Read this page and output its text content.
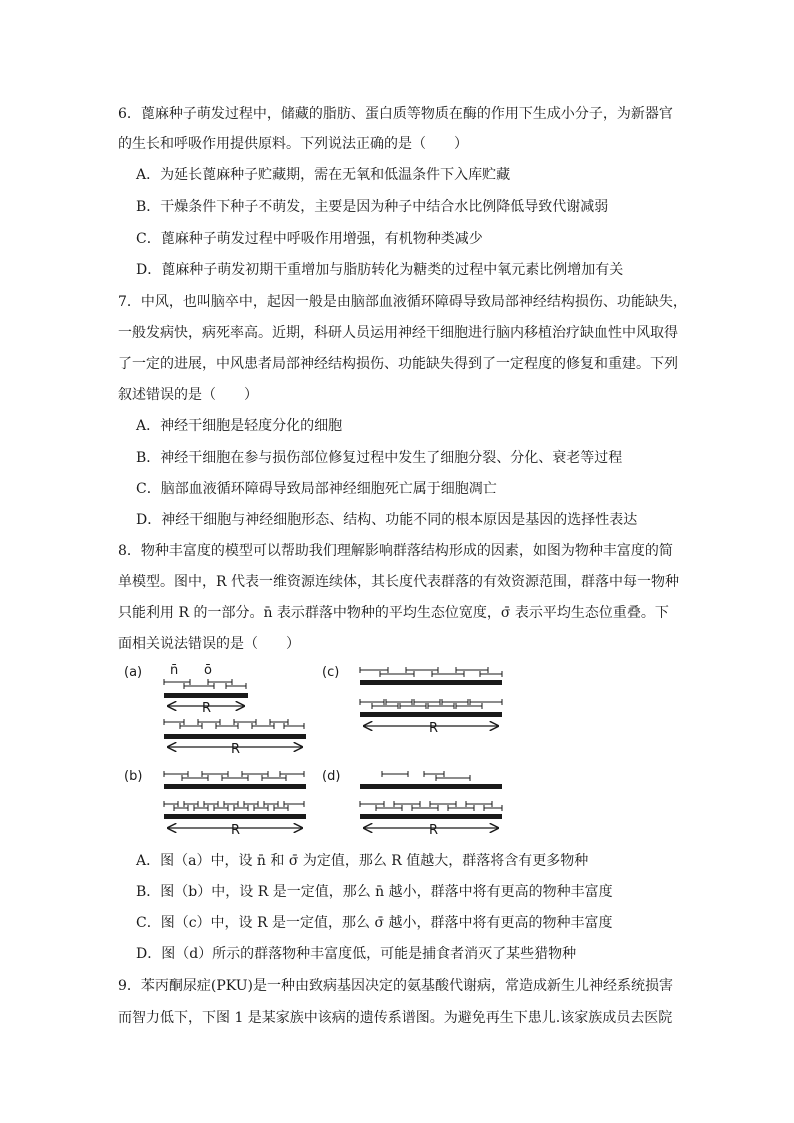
6．蓖麻种子萌发过程中，储藏的脂肪、蛋白质等物质在酶的作用下生成小分子，为新器官
的生长和呼吸作用提供原料。下列说法正确的是（　　）
A．为延长蓖麻种子贮藏期，需在无氧和低温条件下入库贮藏
B．干燥条件下种子不萌发，主要是因为种子中结合水比例降低导致代谢减弱
C．蓖麻种子萌发过程中呼吸作用增强，有机物种类减少
D．蓖麻种子萌发初期干重增加与脂肪转化为糖类的过程中氧元素比例增加有关
7．中风，也叫脑卒中，起因一般是由脑部血液循环障碍导致局部神经结构损伤、功能缺失，
一般发病快，病死率高。近期，科研人员运用神经干细胞进行脑内移植治疗缺血性中风取得
了一定的进展，中风患者局部神经结构损伤、功能缺失得到了一定程度的修复和重建。下列
叙述错误的是（　　）
A．神经干细胞是轻度分化的细胞
B．神经干细胞在参与损伤部位修复过程中发生了细胞分裂、分化、衰老等过程
C．脑部血液循环障碍导致局部神经细胞死亡属于细胞凋亡
D．神经干细胞与神经细胞形态、结构、功能不同的根本原因是基因的选择性表达
8．物种丰富度的模型可以帮助我们理解影响群落结构形成的因素，如图为物种丰富度的简
单模型。图中，R 代表一维资源连续体，其长度代表群落的有效资源范围，群落中每一物种
只能利用 R 的一部分。n̄ 表示群落中物种的平均生态位宽度，σ̄ 表示平均生态位重叠。下
面相关说法错误的是（　　）
(a)	(c)
(b)	(d)
n̄ ō
R
R
R
R	R
A．图（a）中，设 n̄ 和 σ̄ 为定值，那么 R 值越大，群落将含有更多物种
B．图（b）中，设 R 是一定值，那么 n̄ 越小，群落中将有更高的物种丰富度
C．图（c）中，设 R 是一定值，那么 σ̄ 越小，群落中将有更高的物种丰富度
D．图（d）所示的群落物种丰富度低，可能是捕食者消灭了某些猎物种
9．苯丙酮尿症(PKU)是一种由致病基因决定的氨基酸代谢病，常造成新生儿神经系统损害
而智力低下，下图 1 是某家族中该病的遗传系谱图。为避免再生下患儿.该家族成员去医院
